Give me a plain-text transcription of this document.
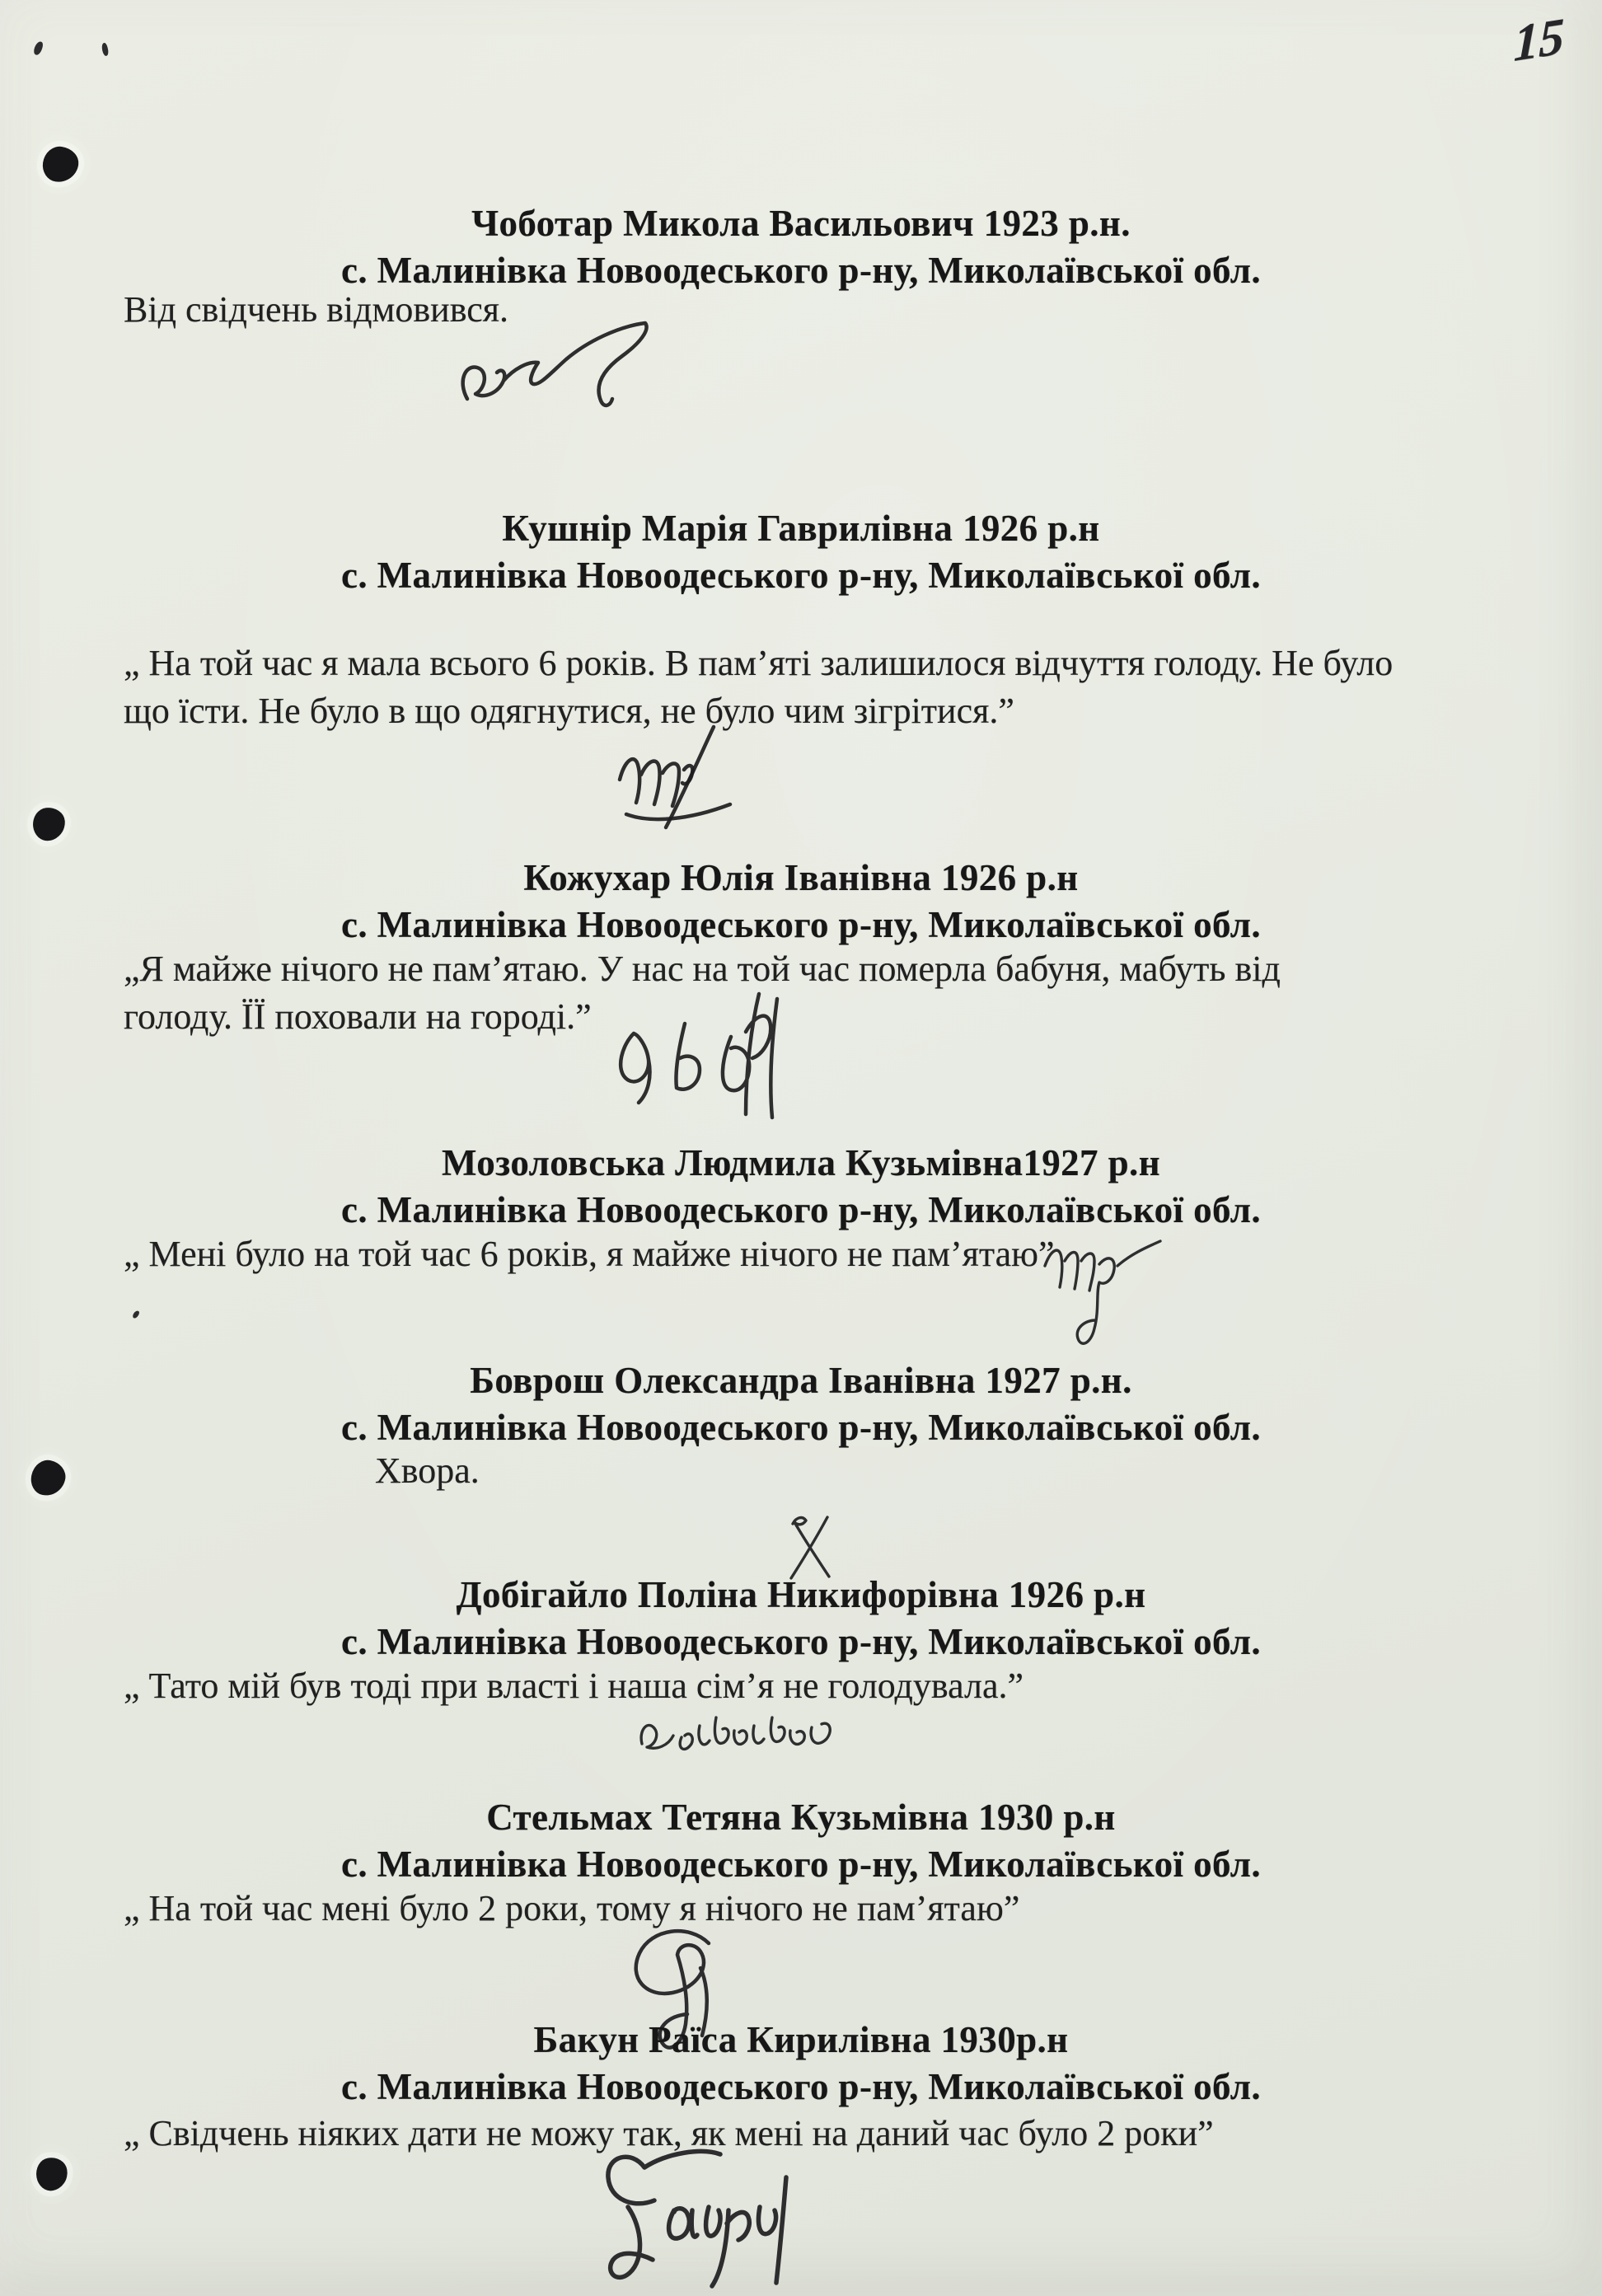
15
Чоботар Микола Васильович 1923 р.н.
с. Малинівка Новоодеського р-ну, Миколаївської обл.
Від свідчень відмовився.
Кушнір Марія Гаврилівна 1926 р.н
с. Малинівка Новоодеського р-ну, Миколаївської обл.
„ На той час я мала всього 6 років. В пам’яті залишилося відчуття голоду. Не було
що їсти. Не було в що одягнутися, не було чим зігрітися.”
Кожухар Юлія Іванівна 1926 р.н
с. Малинівка Новоодеського р-ну, Миколаївської обл.
„Я майже нічого не пам’ятаю. У нас на той час померла бабуня, мабуть від
голоду. ЇЇ поховали на городі.”
Мозоловська Людмила Кузьмівна1927 р.н
с. Малинівка Новоодеського р-ну, Миколаївської обл.
„ Мені було на той час 6 років, я майже нічого не пам’ятаю”
Боврош Олександра Іванівна 1927 р.н.
с. Малинівка Новоодеського р-ну, Миколаївської обл.
Хвора.
Добігайло Поліна Никифорівна 1926 р.н
с. Малинівка Новоодеського р-ну, Миколаївської обл.
„ Тато мій був тоді при власті і наша сім’я не голодувала.”
Стельмах Тетяна Кузьмівна 1930 р.н
с. Малинівка Новоодеського р-ну, Миколаївської обл.
„ На той час мені було 2 роки, тому я нічого не пам’ятаю”
Бакун Раїса Кирилівна 1930р.н
с. Малинівка Новоодеського р-ну, Миколаївської обл.
„ Свідчень ніяких дати не можу так, як мені на даний час було 2 роки”
